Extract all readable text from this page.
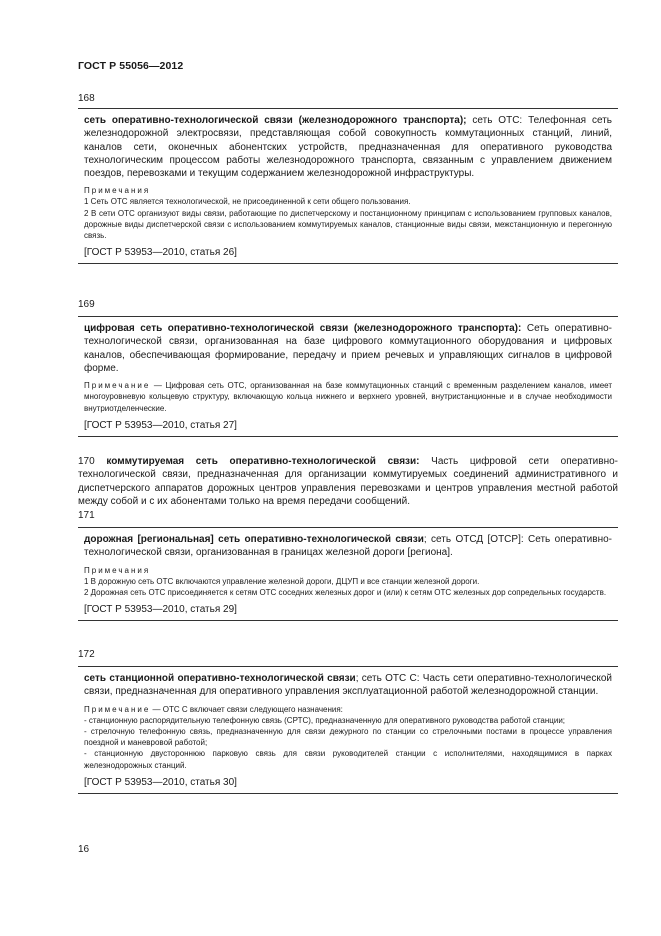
ГОСТ Р 55056—2012
168

сеть оперативно-технологической связи (железнодорожного транспорта); сеть ОТС: Телефонная сеть железнодорожной электросвязи, представляющая собой совокупность коммутационных станций, линий, каналов сети, оконечных абонентских устройств, предназначенная для оперативного руководства технологическим процессом работы железнодорожного транспорта, связанным с управлением движением поездов, перевозками и текущим содержанием железнодорожной инфраструктуры.

Примечания

1 Сеть ОТС является технологической, не присоединенной к сети общего пользования.

2 В сети ОТС организуют виды связи, работающие по диспетчерскому и постанционному принципам с использованием групповых каналов, дорожные виды диспетчерской связи с использованием коммутируемых каналов, станционные виды связи, межстанционную и перегонную связь.

[ГОСТ Р 53953—2010, статья 26]
169

цифровая сеть оперативно-технологической связи (железнодорожного транспорта): Сеть оперативно-технологической связи, организованная на базе цифрового коммутационного оборудования и цифровых каналов, обеспечивающая формирование, передачу и прием речевых и управляющих сигналов в цифровой форме.

Примечание — Цифровая сеть ОТС, организованная на базе коммутационных станций с временным разделением каналов, имеет многоуровневую кольцевую структуру, включающую кольца нижнего и верхнего уровней, внутристанционные и в случае необходимости внутриотделенческие.

[ГОСТ Р 53953—2010, статья 27]
170 коммутируемая сеть оперативно-технологической связи: Часть цифровой сети оперативно-технологической связи, предназначенная для организации коммутируемых соединений административного и диспетчерского аппаратов дорожных центров управления перевозками и центров управления местной работой между собой и с их абонентами только на время передачи сообщений.
171

дорожная [региональная] сеть оперативно-технологической связи; сеть ОТСД [ОТСР]: Сеть оперативно-технологической связи, организованная в границах железной дороги [региона].

Примечания

1 В дорожную сеть ОТС включаются управление железной дороги, ДЦУП и все станции железной дороги.

2 Дорожная сеть ОТС присоединяется к сетям ОТС соседних железных дорог и (или) к сетям ОТС железных дор сопредельных государств.

[ГОСТ Р 53953—2010, статья 29]
172

сеть станционной оперативно-технологической связи; сеть ОТС С: Часть сети оперативно-технологической связи, предназначенная для оперативного управления эксплуатационной работой железнодорожной станции.

Примечание — ОТС С включает связи следующего назначения:

- станционную распорядительную телефонную связь (СРТС), предназначенную для оперативного руководства работой станции;

- стрелочную телефонную связь, предназначенную для связи дежурного по станции со стрелочными постами в процессе управления поездной и маневровой работой;

- станционную двустороннюю парковую связь для связи руководителей станции с исполнителями, находящимися в парках железнодорожных станций.

[ГОСТ Р 53953—2010, статья 30]
16
